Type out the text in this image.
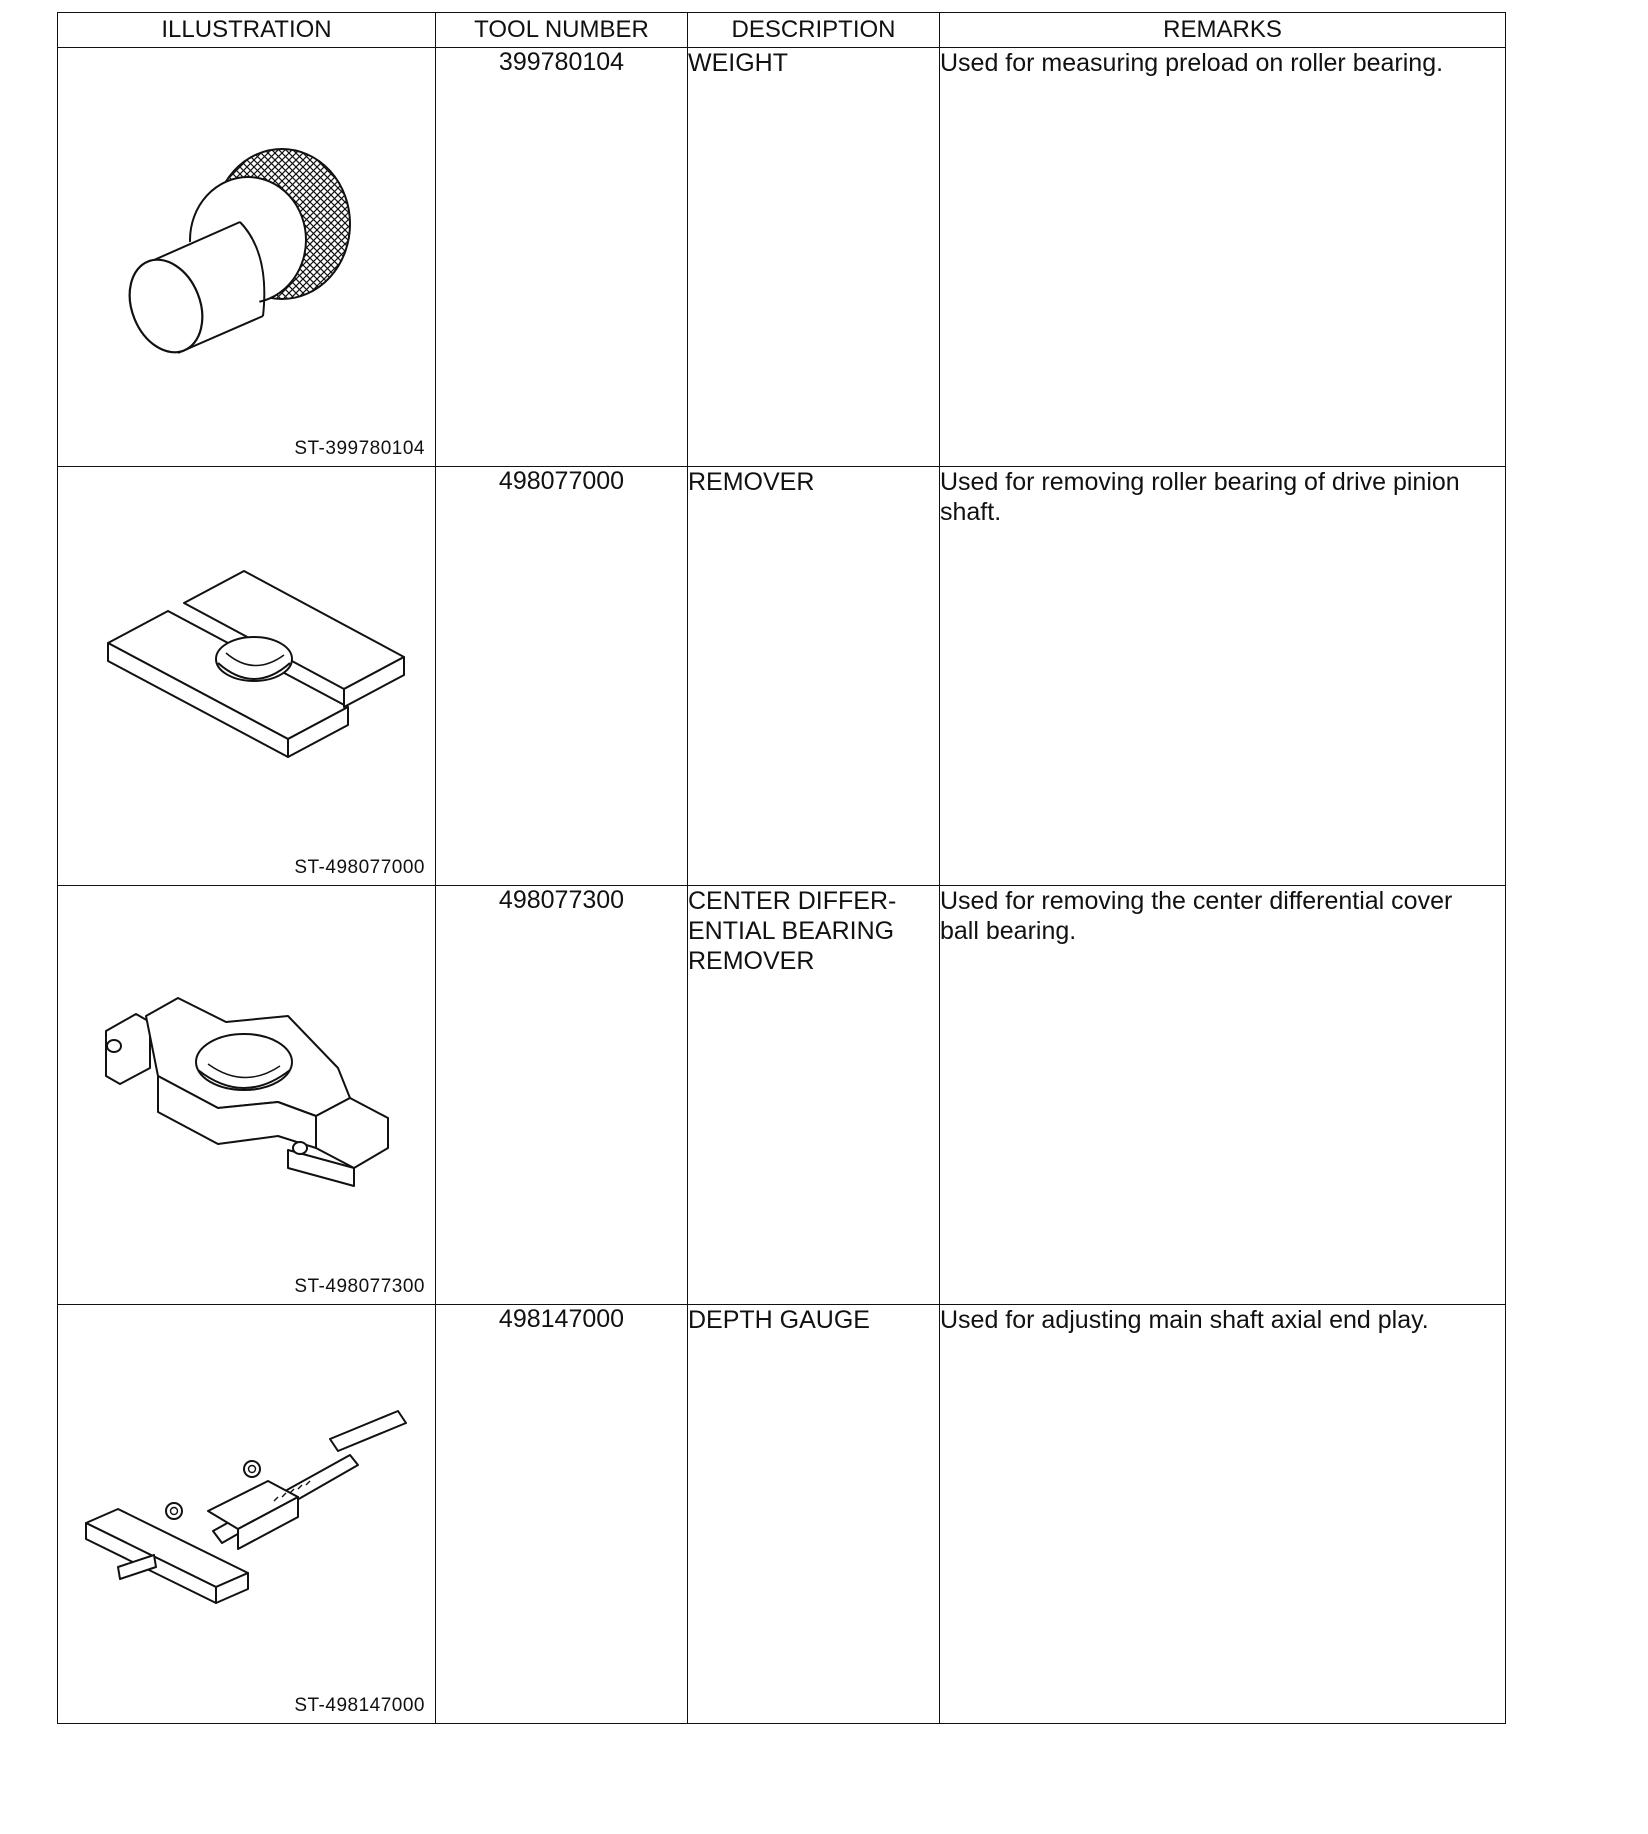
ILLUSTRATION	TOOL NUMBER	DESCRIPTION	REMARKS

ST-399780104	399780104	WEIGHT	Used for measuring preload on roller bearing.

ST-498077000	498077000	REMOVER	Used for removing roller bearing of drive pinion
shaft.

ST-498077300	498077300	CENTER DIFFER-
ENTIAL BEARING
REMOVER	Used for removing the center differential cover
ball bearing.

ST-498147000	498147000	DEPTH GAUGE	Used for adjusting main shaft axial end play.
